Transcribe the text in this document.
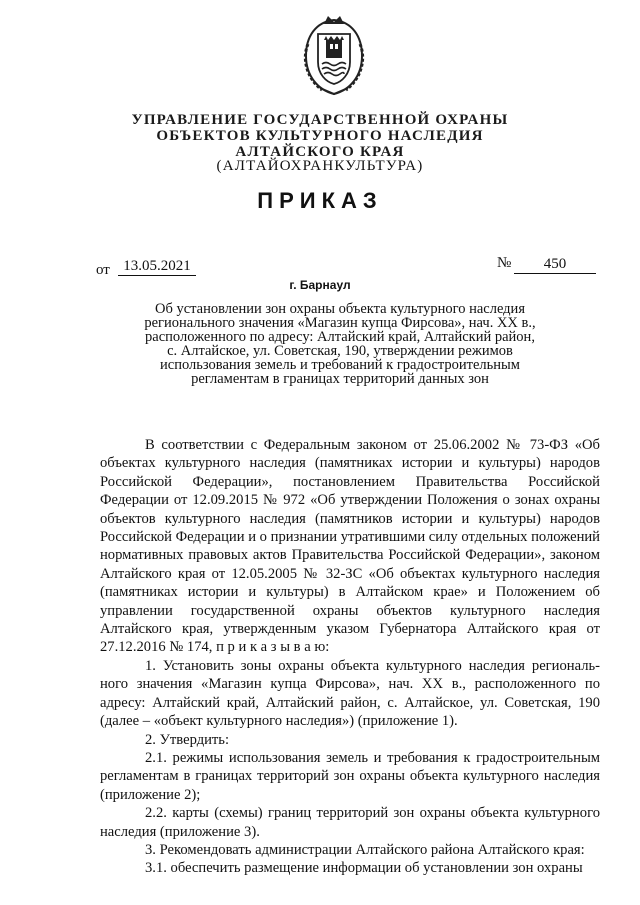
УПРАВЛЕНИЕ ГОСУДАРСТВЕННОЙ ОХРАНЫ
ОБЪЕКТОВ КУЛЬТУРНОГО НАСЛЕДИЯ
АЛТАЙСКОГО КРАЯ
(АЛТАЙОХРАНКУЛЬТУРА)
ПРИКАЗ
от 13.05.2021	№	450
г. Барнаул
Об установлении зон охраны объекта культурного наследия
регионального значения «Магазин купца Фирсова», нач. XX в.,
расположенного по адресу: Алтайский край, Алтайский район,
с. Алтайское, ул. Советская, 190, утверждении режимов
использования земель и требований к градостроительным
регламентам в границах территорий данных зон

В соответствии с Федеральным законом от 25.06.2002 № 73-ФЗ «Об объектах культурного наследия (памятниках истории и культуры) народов Российской Федерации», постановлением Правительства Российской Федерации от 12.09.2015 № 972 «Об утверждении Положения о зонах охраны объектов культурного наследия (памятников истории и культуры) народов Российской Федерации и о признании утратившими силу отдельных положений нормативных правовых актов Правительства Российской Федерации», законом Алтайского края от 12.05.2005 № 32-ЗС «Об объектах культурного наследия (памятниках истории и культуры) в Алтайском крае» и Положением об управлении государственной охраны объектов культурного наследия Алтайского края, утвержденным указом Губернатора Алтайского края от 27.12.2016 № 174, п р и к а з ы в а ю:

1. Установить зоны охраны объекта культурного наследия региональ-ного значения «Магазин купца Фирсова», нач. XX в., расположенного по адресу: Алтайский край, Алтайский район, с. Алтайское, ул. Советская, 190 (далее – «объект культурного наследия») (приложение 1).

2. Утвердить:

2.1. режимы использования земель и требования к градостроительным регламентам в границах территорий зон охраны объекта культурного наследия (приложение 2);

2.2. карты (схемы) границ территорий зон охраны объекта культурного наследия (приложение 3).

3. Рекомендовать администрации Алтайского района Алтайского края:

3.1. обеспечить размещение информации об установлении зон охраны
